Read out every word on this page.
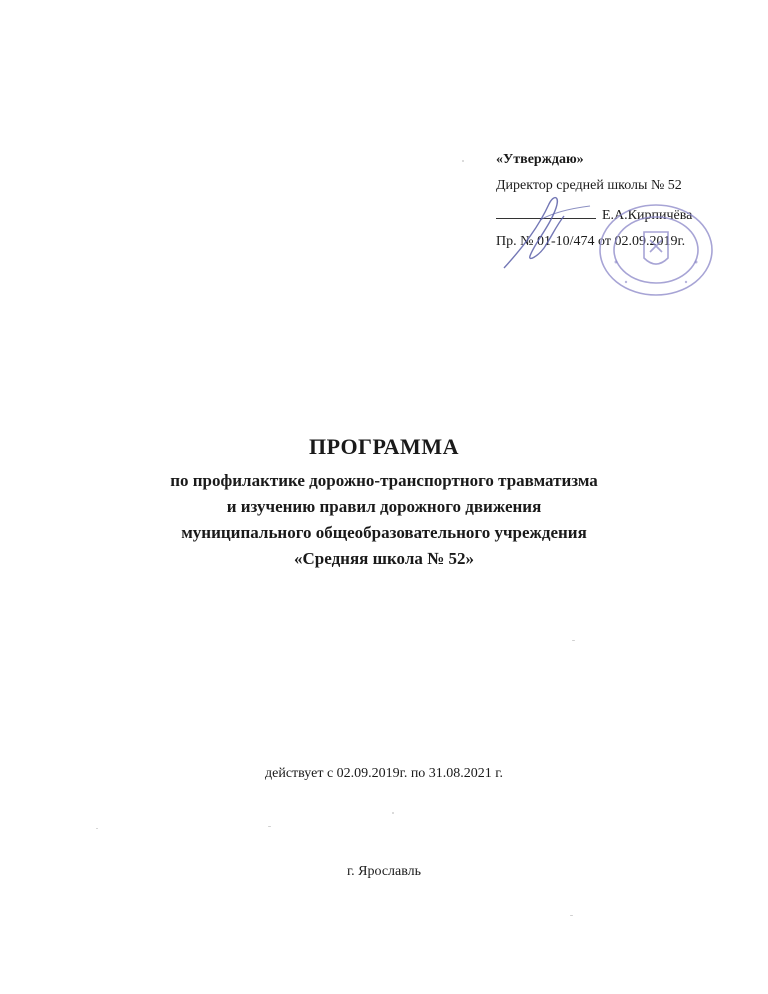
«Утверждаю»
Директор средней школы № 52
Е.А.Кирпичёва
Пр. № 01-10/474 от 02.09.2019г.
ПРОГРАММА
по профилактике дорожно-транспортного травматизма
и изучению правил дорожного движения
муниципального общеобразовательного учреждения
«Средняя школа № 52»
действует с 02.09.2019г. по 31.08.2021 г.
г. Ярославль
